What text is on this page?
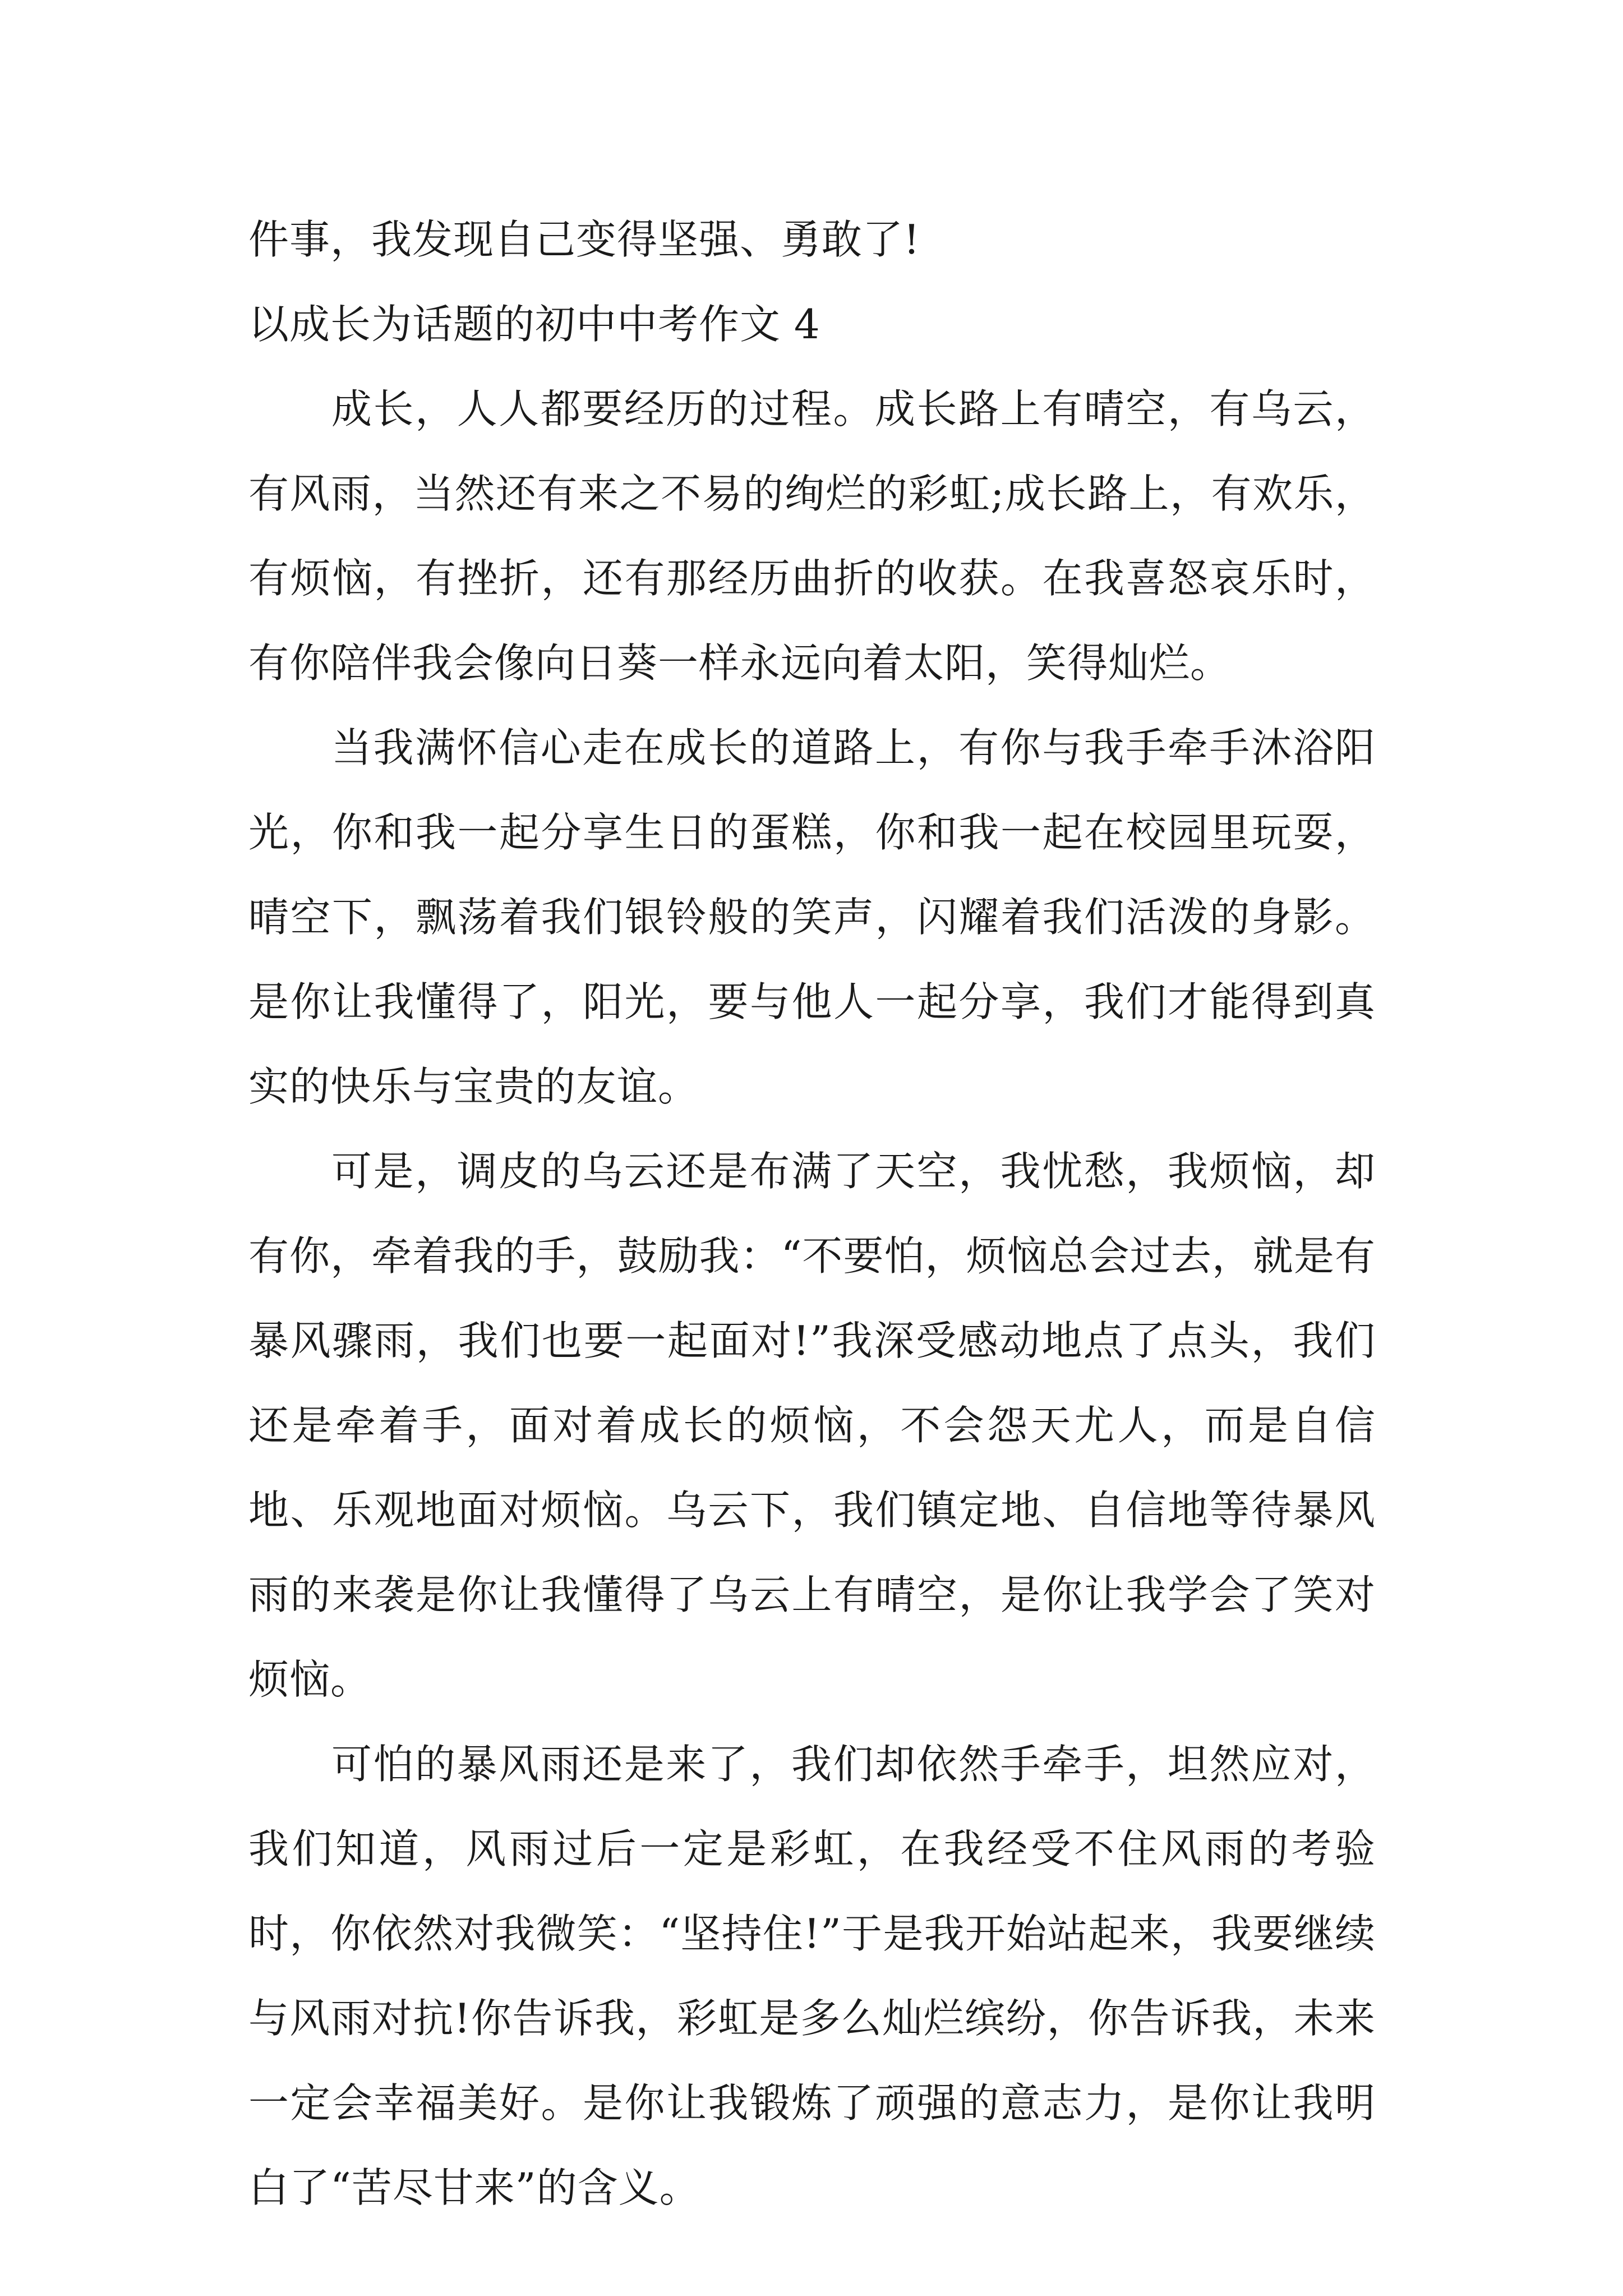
件事，我发现自己变得坚强、勇敢了!

以成长为话题的初中中考作文 4

成长，人人都要经历的过程。成长路上有晴空，有乌云，有风雨，当然还有来之不易的绚烂的彩虹;成长路上，有欢乐，有烦恼，有挫折，还有那经历曲折的收获。在我喜怒哀乐时，有你陪伴我会像向日葵一样永远向着太阳，笑得灿烂。

当我满怀信心走在成长的道路上，有你与我手牵手沐浴阳光，你和我一起分享生日的蛋糕，你和我一起在校园里玩耍，晴空下，飘荡着我们银铃般的笑声，闪耀着我们活泼的身影。是你让我懂得了，阳光，要与他人一起分享，我们才能得到真实的快乐与宝贵的友谊。

可是，调皮的乌云还是布满了天空，我忧愁，我烦恼，却有你，牵着我的手，鼓励我：“不要怕，烦恼总会过去，就是有暴风骤雨，我们也要一起面对!”我深受感动地点了点头，我们还是牵着手，面对着成长的烦恼，不会怨天尤人，而是自信地、乐观地面对烦恼。乌云下，我们镇定地、自信地等待暴风雨的来袭是你让我懂得了乌云上有晴空，是你让我学会了笑对烦恼。

可怕的暴风雨还是来了，我们却依然手牵手，坦然应对，我们知道，风雨过后一定是彩虹，在我经受不住风雨的考验时，你依然对我微笑：“坚持住!”于是我开始站起来，我要继续与风雨对抗!你告诉我，彩虹是多么灿烂缤纷，你告诉我，未来一定会幸福美好。是你让我锻炼了顽强的意志力，是你让我明白了“苦尽甘来”的含义。
